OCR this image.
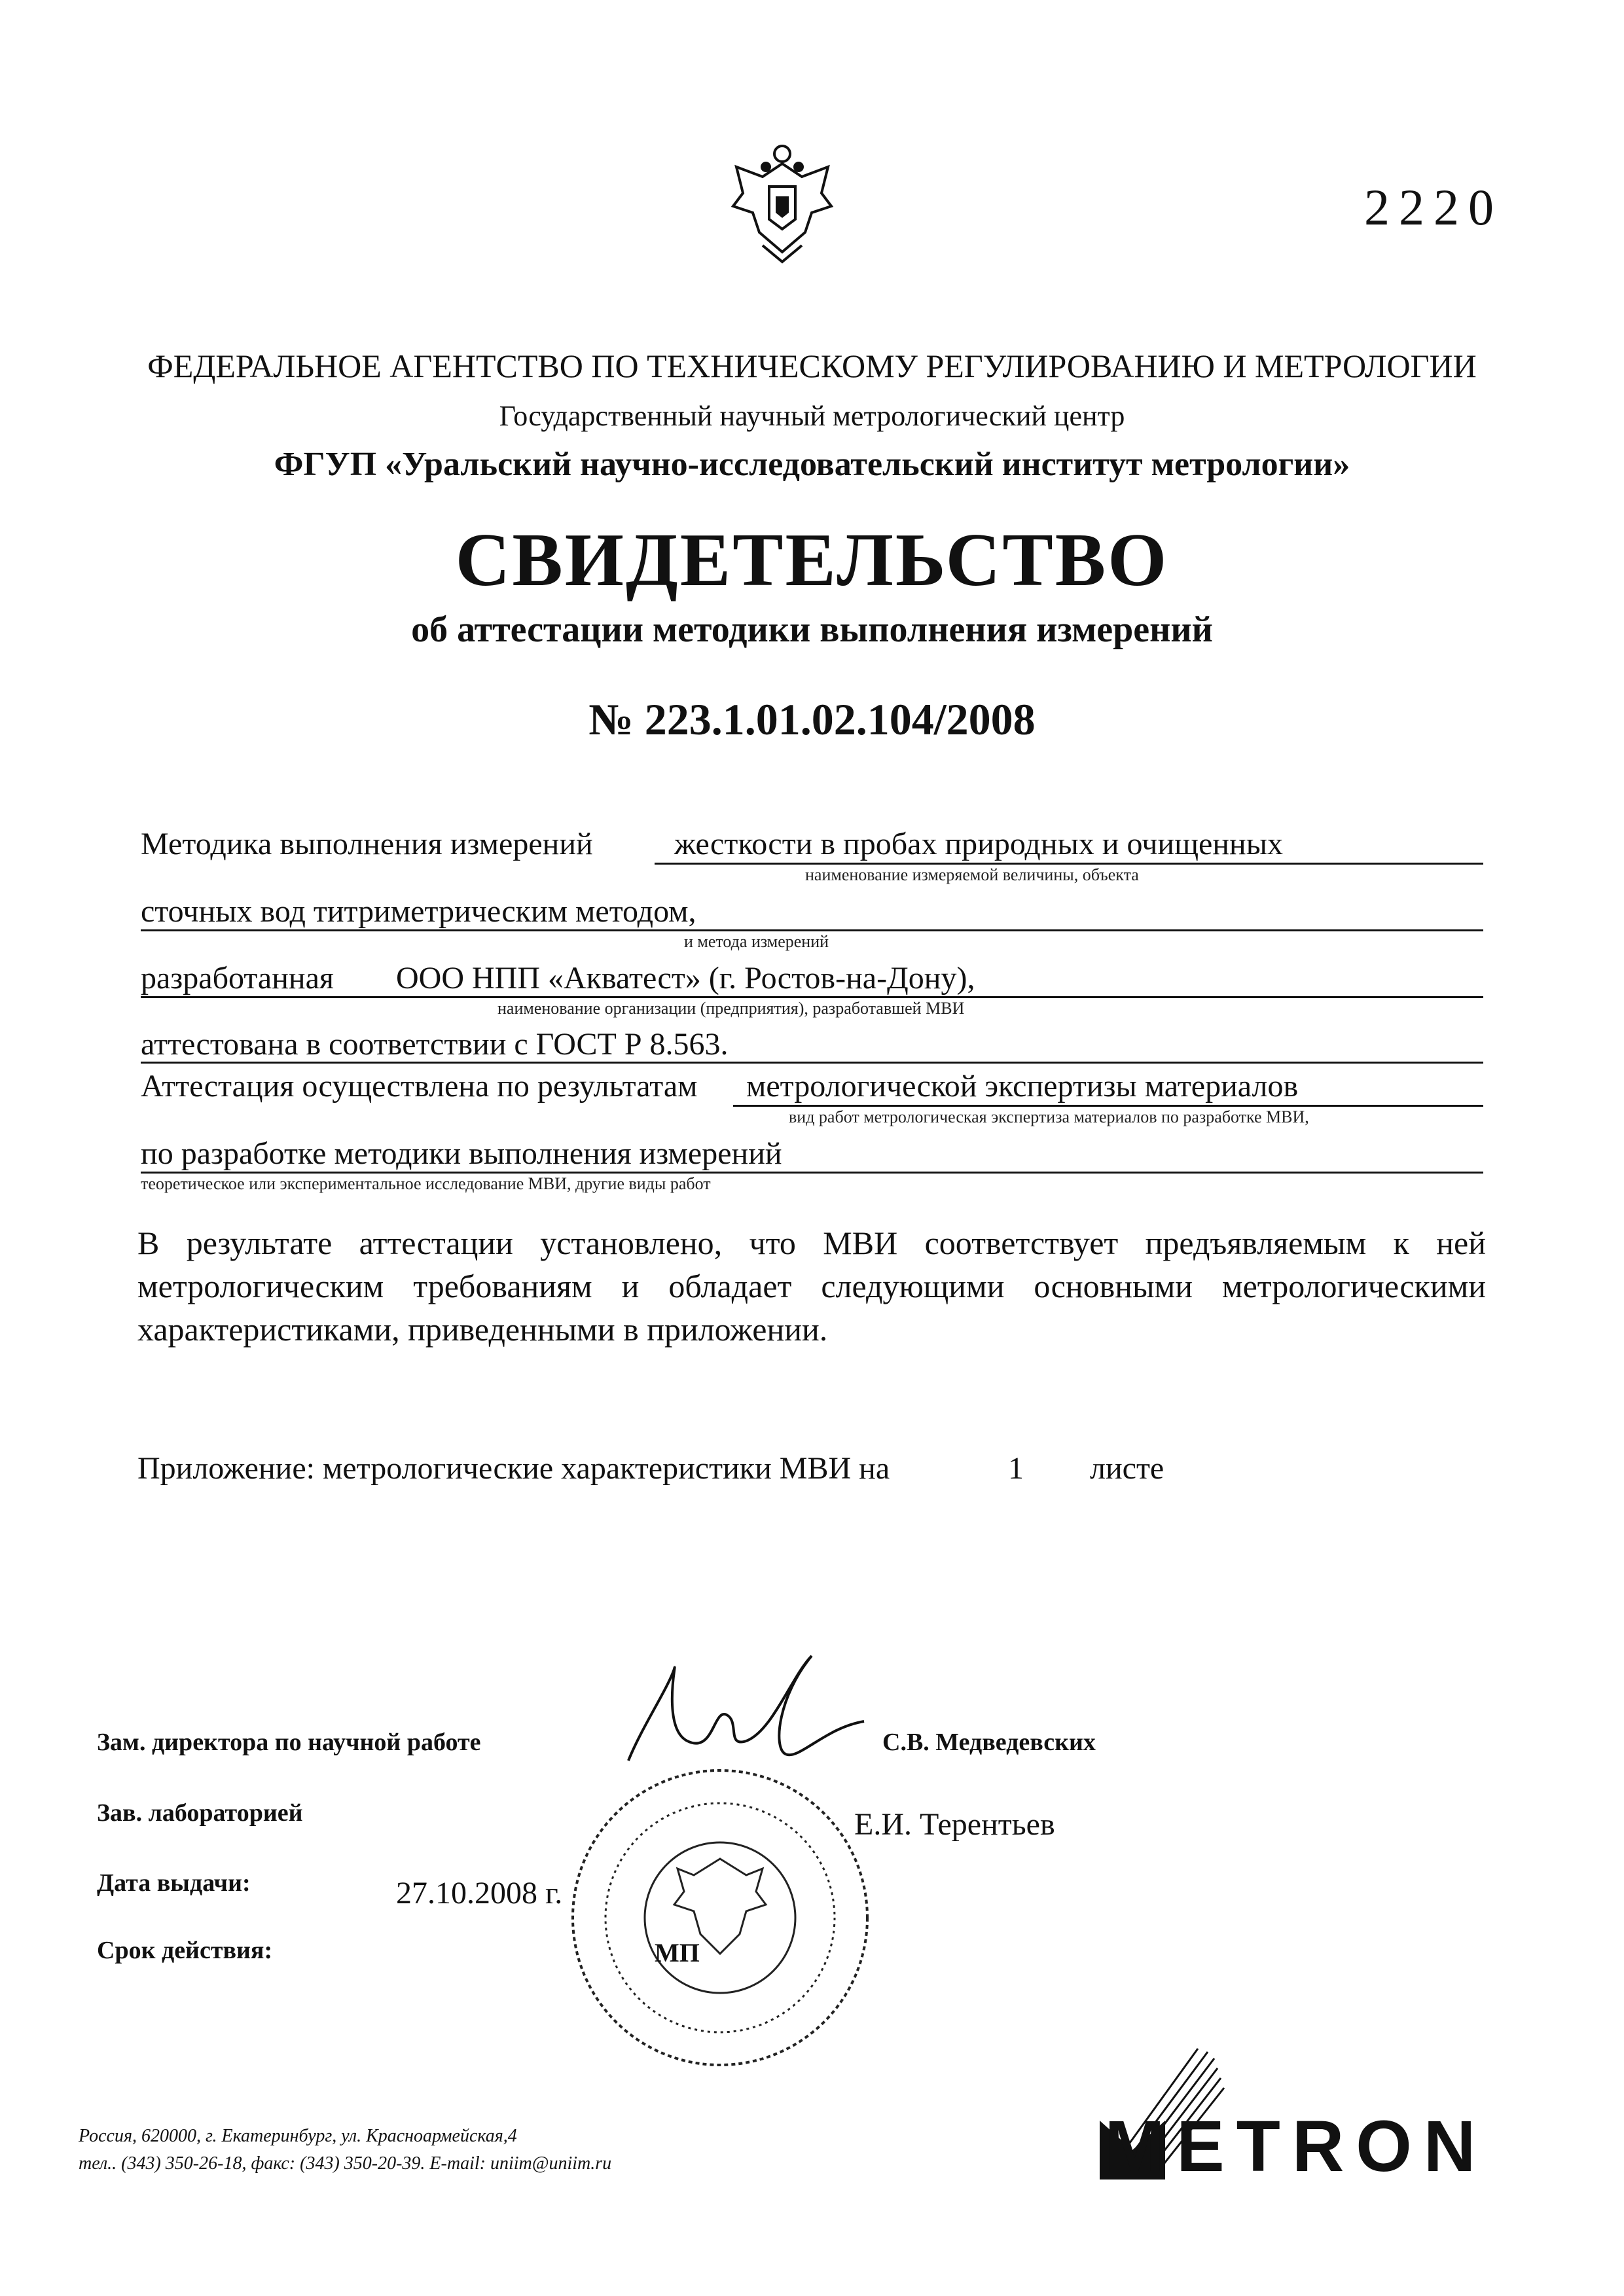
2220
ФЕДЕРАЛЬНОЕ АГЕНТСТВО ПО ТЕХНИЧЕСКОМУ РЕГУЛИРОВАНИЮ И МЕТРОЛОГИИ
Государственный научный метрологический центр
ФГУП «Уральский научно-исследовательский институт метрологии»
СВИДЕТЕЛЬСТВО
об аттестации методики выполнения измерений
№ 223.1.01.02.104/2008
Методика выполнения измерений	жесткости в пробах природных и очищенных
наименование измеряемой величины, объекта
сточных вод титриметрическим методом,
и метода измерений
разработанная ООО НПП «Акватест» (г. Ростов-на-Дону),
наименование организации (предприятия), разработавшей МВИ
аттестована в соответствии с ГОСТ Р 8.563.
Аттестация осуществлена по результатам метрологической экспертизы материалов
вид работ метрологическая экспертиза материалов по разработке МВИ,
по разработке методики выполнения измерений
теоретическое или экспериментальное исследование МВИ, другие виды работ
В результате аттестации установлено, что МВИ соответствует предъявляемым к ней метрологическим требованиям и обладает следующими основными метрологическими характеристиками, приведенными в приложении.
Приложение: метрологические характеристики МВИ на	1 листе
МП
Зам. директора по научной работе	С.В. Медведевских
Зав. лабораторией	Е.И. Терентьев
Дата выдачи:	27.10.2008 г.
Срок действия:
Россия, 620000, г. Екатеринбург, ул. Красноармейская,4
тел.. (343) 350-26-18, факс: (343) 350-20-39. E-mail: uniim@uniim.ru	METRON
